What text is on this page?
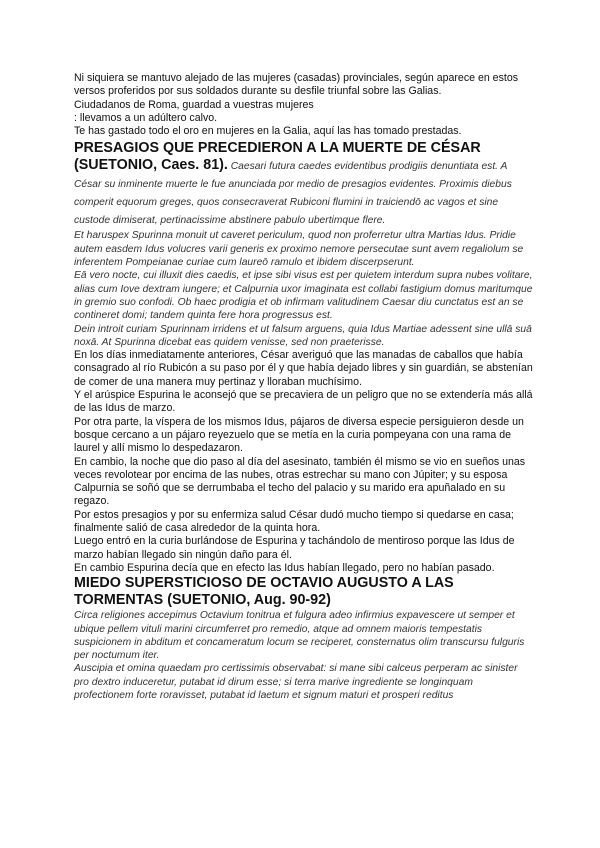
Ni siquiera se mantuvo alejado de las mujeres (casadas) provinciales, según aparece en estos versos proferidos por sus soldados durante su desfile triunfal sobre las Galias.

Ciudadanos de Roma, guardad a vuestras mujeres

: llevamos a un adúltero calvo.

Te has gastado todo el oro en mujeres en la Galia, aquí las has tomado prestadas.

PRESAGIOS QUE PRECEDIERON A LA MUERTE DE CÉSAR (SUETONIO, Caes. 81). Caesari futura caedes evidentibus prodigiis denuntiata est. A César su inminente muerte le fue anunciada por medio de presagios evidentes. Proximis diebus comperit equorum greges, quos consecraverat Rubiconi flumini in traiciendō ac vagos et sine custode dimiserat, pertinacissime abstinere pabulo ubertimque flere.

Et haruspex Spurinna monuit ut caveret periculum, quod non proferretur ultra Martias Idus. Pridie autem easdem Idus volucres varii generis ex proximo nemore persecutae sunt avem regaliolum se inferentem Pompeianae curiae cum laureō ramulo et ibidem discerpserunt.

Eā vero nocte, cui illuxit dies caedis, et ipse sibi visus est per quietem interdum supra nubes volitare, alias cum Iove dextram iungere; et Calpurnia uxor imaginata est collabi fastigium domus maritumque in gremio suo confodi. Ob haec prodigia et ob infirmam valitudinem Caesar diu cunctatus est an se contineret domi; tandem quinta fere hora progressus est.

Dein introit curiam Spurinnam irridens et ut falsum arguens, quia Idus Martiae adessent sine ullā suā noxā. At Spurinna dicebat eas quidem venisse, sed non praeterisse.

En los días inmediatamente anteriores, César averiguó que las manadas de caballos que había consagrado al río Rubicón a su paso por él y que había dejado libres y sin guardián, se abstenían de comer de una manera muy pertinaz y lloraban muchísimo.

Y el arúspice Espurina le aconsejó que se precaviera de un peligro que no se extendería más allá de las Idus de marzo.

Por otra parte, la víspera de los mismos Idus, pájaros de diversa especie persiguieron desde un bosque cercano a un pájaro reyezuelo que se metía en la curia pompeyana con una rama de laurel y allí mismo lo despedazaron.

En cambio, la noche que dio paso al día del asesinato, también él mismo se vio en sueños unas veces revolotear por encima de las nubes, otras estrechar su mano con Júpiter; y su esposa Calpurnia se soñó que se derrumbaba el techo del palacio y su marido era apuñalado en su regazo.

Por estos presagios y por su enfermiza salud César dudó mucho tiempo si quedarse en casa; finalmente salió de casa alrededor de la quinta hora.

Luego entró en la curia burlándose de Espurina y tachándolo de mentiroso porque las Idus de marzo habían llegado sin ningún daño para él.

En cambio Espurina decía que en efecto las Idus habían llegado, pero no habían pasado.

MIEDO SUPERSTICIOSO DE OCTAVIO AUGUSTO A LAS TORMENTAS (SUETONIO, Aug. 90-92)

Circa religiones accepimus Octavium tonitrua et fulgura adeo infirmius expavescere ut semper et ubique pellem vituli marini circumferret pro remedio, atque ad omnem maioris tempestatis suspicionem in abditum et concameratum locum se reciperet, consternatus olim transcursu fulguris per noctumum iter.

Auscipia et omina quaedam pro certissimis observabat: si mane sibi calceus perperam ac sinister pro dextro induceretur, putabat id dirum esse; si terra marive ingrediente se longinquam profectionem forte roravisset, putabat id laetum et signum maturi et prosperi reditus
